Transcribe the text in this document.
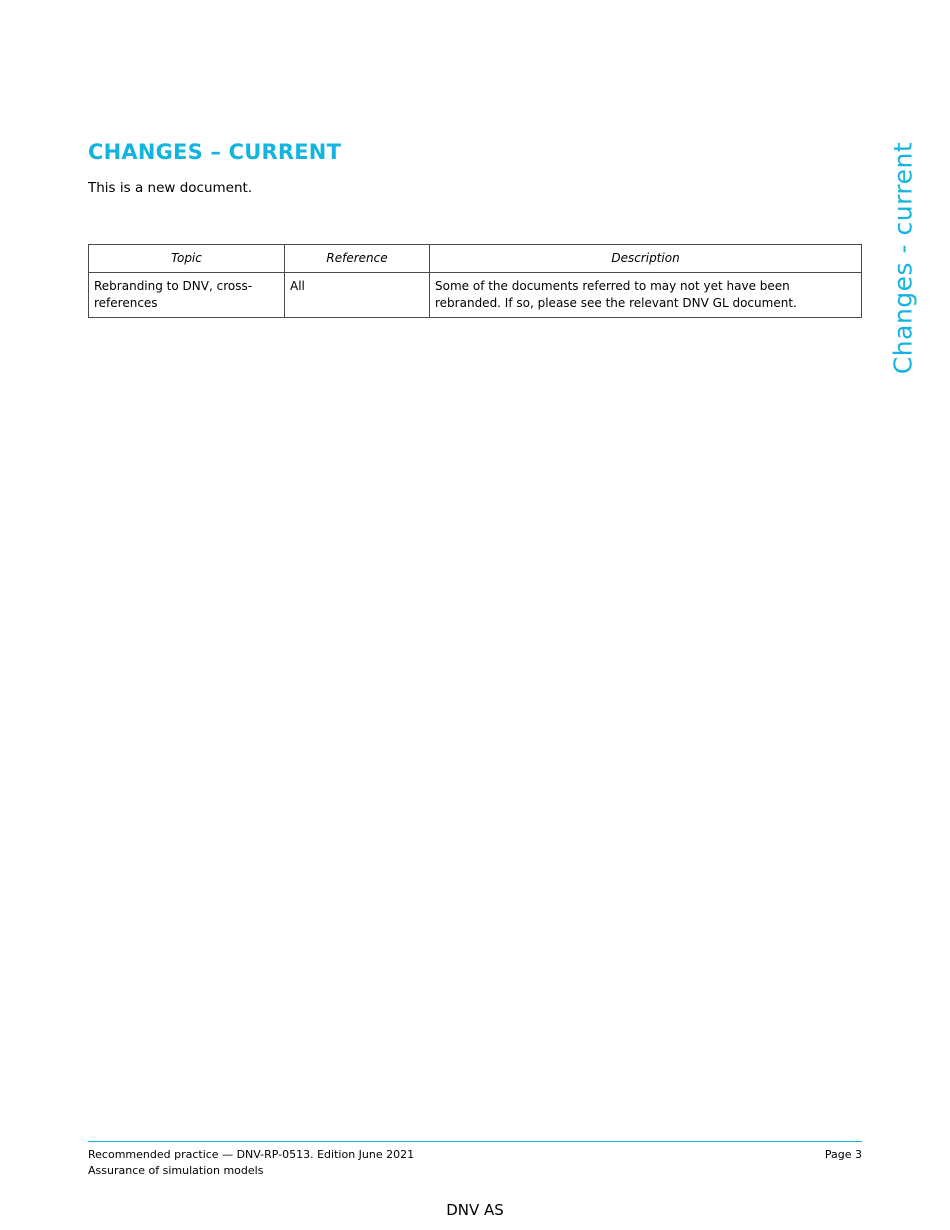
CHANGES – CURRENT

This is a new document.	Changes - current
Topic	Reference	Description
Rebranding to DNV, cross-references	All	Some of the documents referred to may not yet have been rebranded. If so, please see the relevant DNV GL document.
Recommended practice — DNV-RP-0513. Edition June 2021
Assurance of simulation models
Page 3
DNV AS
